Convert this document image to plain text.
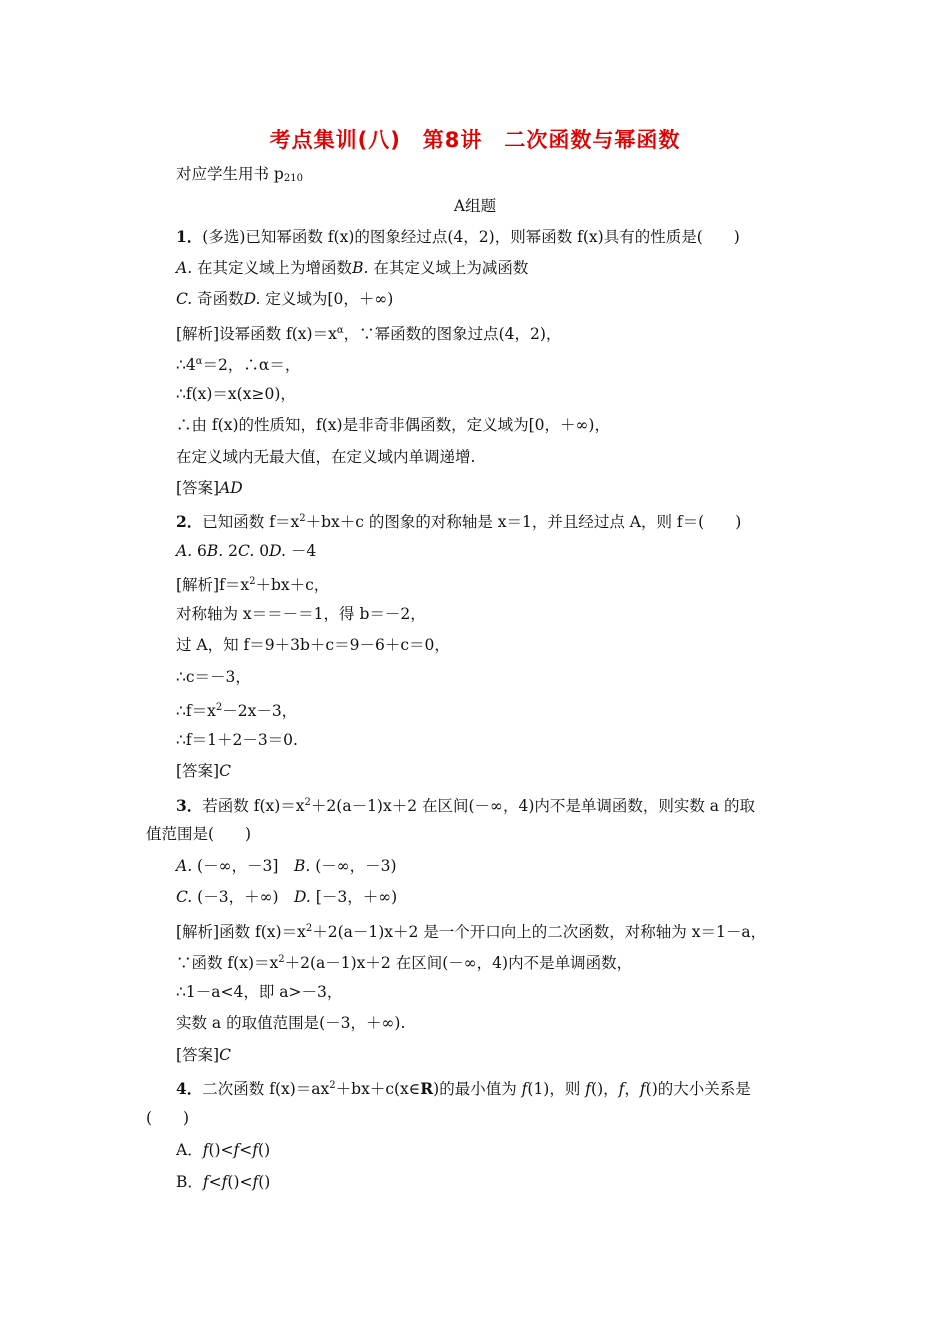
考点集训(八)　第8讲　二次函数与幂函数
对应学生用书 p210
A组题
1．(多选)已知幂函数 f(x)的图象经过点(4，2)，则幂函数 f(x)具有的性质是(　　)
A. 在其定义域上为增函数B. 在其定义域上为减函数
C. 奇函数D. 定义域为[0，＋∞)
[解析]设幂函数 $f(x)=x^\alpha$，∵幂函数的图象过点(4，2)，
$\therefore 4^\alpha=2$，∴α＝，
∴f(x)＝x(x≥0)，
∴由 f(x)的性质知，f(x)是非奇非偶函数，定义域为[0，＋∞)，
在定义域内无最大值，在定义域内单调递增.
[答案]AD
2．已知函数 $f=x^2+bx+c$ 的图象的对称轴是 x＝1，并且经过点 A，则 f＝(　　)
A. 6B. 2C. 0D. －4
[解析]$f=x^2+bx+c$，
对称轴为 x＝＝－＝1，得 b＝－2，
过 A，知 f＝9＋3b＋c＝9－6＋c＝0，
∴c＝－3，
$\therefore f=x^2-2x-3$，
∴f＝1＋2－3＝0.
[答案]C
3．若函数 $f(x)=x^2+2(a-1)x+2$ 在区间(－∞，4)内不是单调函数，则实数 a 的取
值范围是(　　)
A. (－∞，－3]　 B. (－∞，－3)
C. (－3，＋∞)　 D. [－3，＋∞)
[解析]函数 $f(x)=x^2+2(a-1)x+2$ 是一个开口向上的二次函数，对称轴为 x＝1－a，
∵函数 $f(x)=x^2+2(a-1)x+2$ 在区间(－∞，4)内不是单调函数，
∴1－a<4，即 a>－3，
实数 a 的取值范围是(－3，＋∞).
[答案]C
4．二次函数 $f(x)=ax^2+bx+c(x\in R)$的最小值为 f(1)，则 f()，f，f()的大小关系是
(　　)
A．f()<f<f()
B．f<f()<f()
